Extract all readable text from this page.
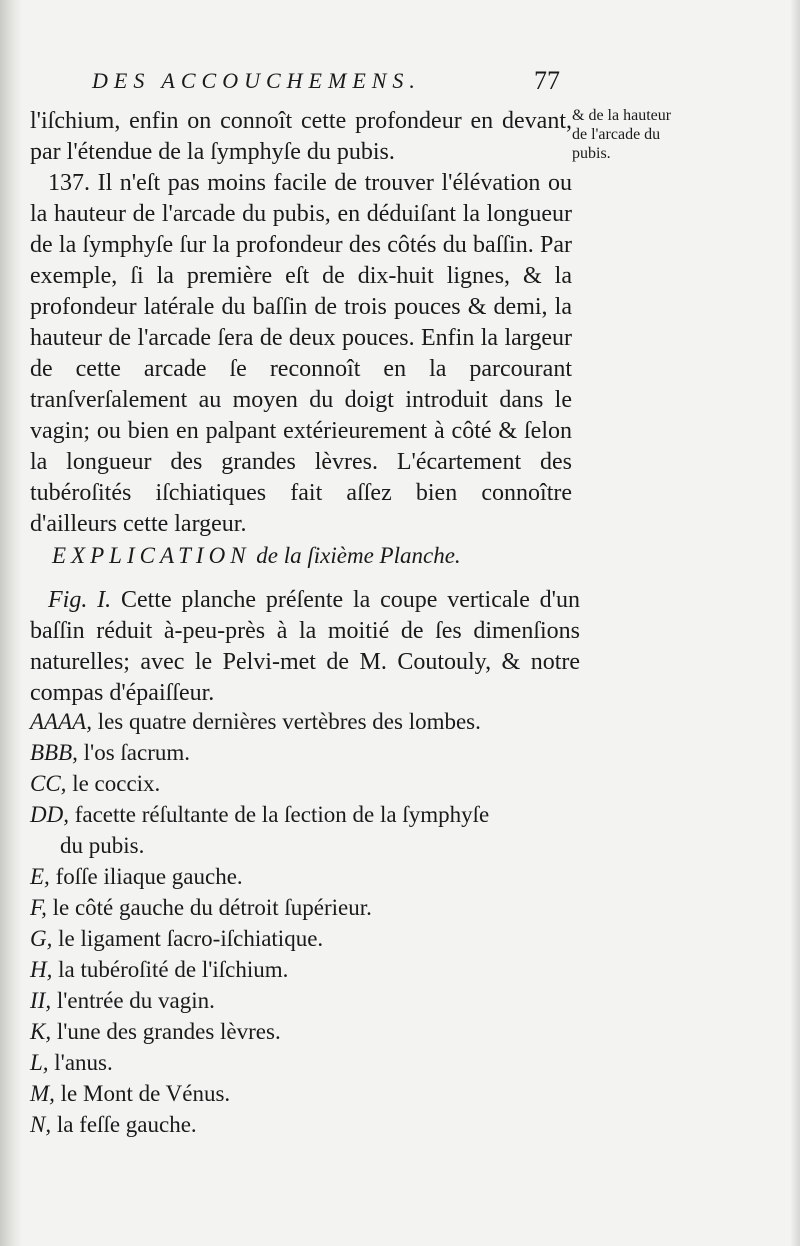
DES ACCOUCHEMENS.	77

l'iſchium, enfin on connoît cette profondeur en devant, par l'étendue de la ſymphyſe du pubis.

137. Il n'eſt pas moins facile de trouver l'élévation ou la hauteur de l'arcade du pubis, en déduiſant la longueur de la ſymphyſe ſur la profondeur des côtés du baſſin. Par exemple, ſi la première eſt de dix-huit lignes, & la profondeur latérale du baſſin de trois pouces & demi, la hauteur de l'arcade ſera de deux pouces. Enfin la largeur de cette arcade ſe reconnoît en la parcourant tranſverſalement au moyen du doigt introduit dans le vagin; ou bien en palpant extérieurement à côté & ſelon la longueur des grandes lèvres. L'écartement des tubéroſités iſchiatiques fait aſſez bien connoître d'ailleurs cette largeur.

& de la hauteur de l'arcade du pubis.
EXPLICATION de la ſixième Planche.
Fig. I. Cette planche préſente la coupe verticale d'un baſſin réduit à-peu-près à la moitié de ſes dimenſions naturelles; avec le Pelvi-met de M. Coutouly, & notre compas d'épaiſſeur.
AAAA, les quatre dernières vertèbres des lombes.
BBB, l'os ſacrum.
CC, le coccix.
DD, facette réſultante de la ſection de la ſymphyſe
du pubis.
E, foſſe iliaque gauche.
F, le côté gauche du détroit ſupérieur.
G, le ligament ſacro-iſchiatique.
H, la tubéroſité de l'iſchium.
II, l'entrée du vagin.
K, l'une des grandes lèvres.
L, l'anus.
M, le Mont de Vénus.
N, la feſſe gauche.
